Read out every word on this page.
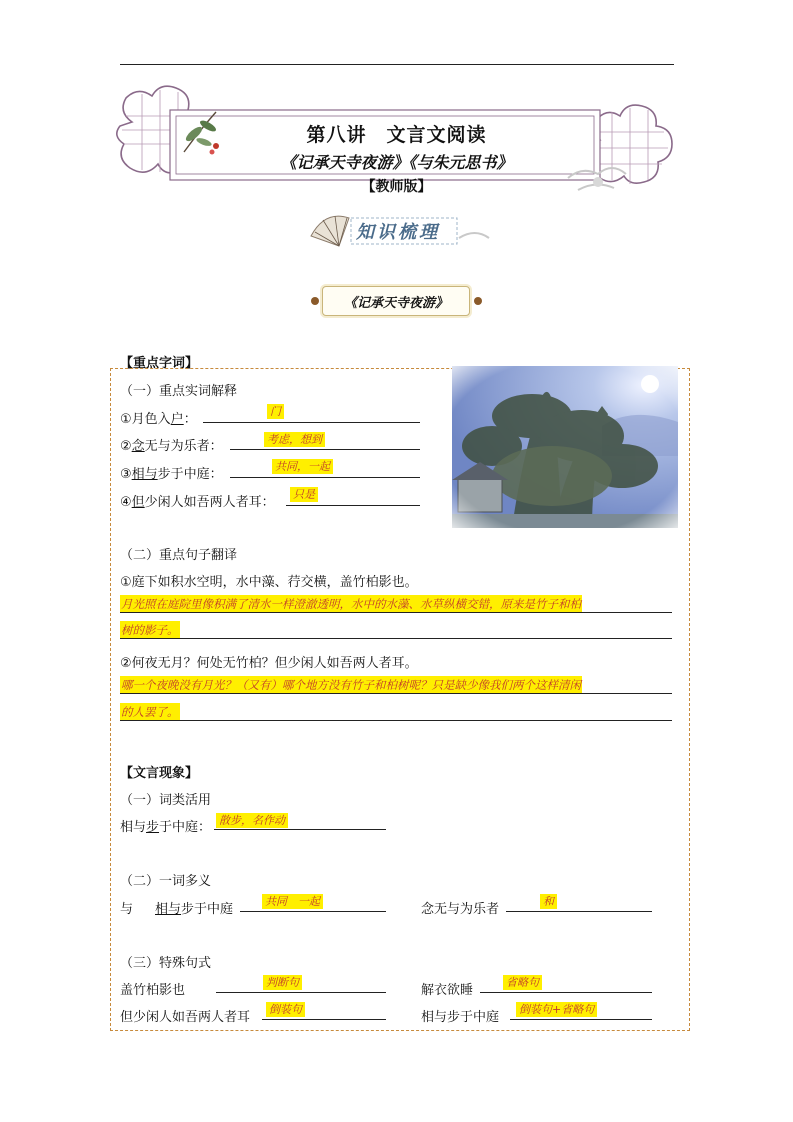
第八讲　文言文阅读
《记承天寺夜游》《与朱元思书》
【教师版】
知识梳理
《记承天寺夜游》
【重点字词】
（一）重点实词解释
①月色入户：
门
②念无与为乐者：	考虑，想到
③相与步于中庭：
共同，一起
④但少闲人如吾两人者耳：
只是
（二）重点句子翻译
①庭下如积水空明，水中藻、荇交横，盖竹柏影也。
月光照在庭院里像积满了清水一样澄澈透明，水中的水藻、水草纵横交错，原来是竹子和柏
树的影子。
②何夜无月？何处无竹柏？但少闲人如吾两人者耳。
哪一个夜晚没有月光？（又有）哪个地方没有竹子和柏树呢？只是缺少像我们两个这样清闲
的人罢了。
【文言现象】
（一）词类活用
相与步于中庭： 散步，名作动
（二）一词多义
与 相与步于中庭
共同　一起
念无与为乐者
和
（三）特殊句式
盖竹柏影也
判断句
解衣欲睡
省略句
但少闲人如吾两人者耳
倒装句
相与步于中庭
倒装句+省略句
